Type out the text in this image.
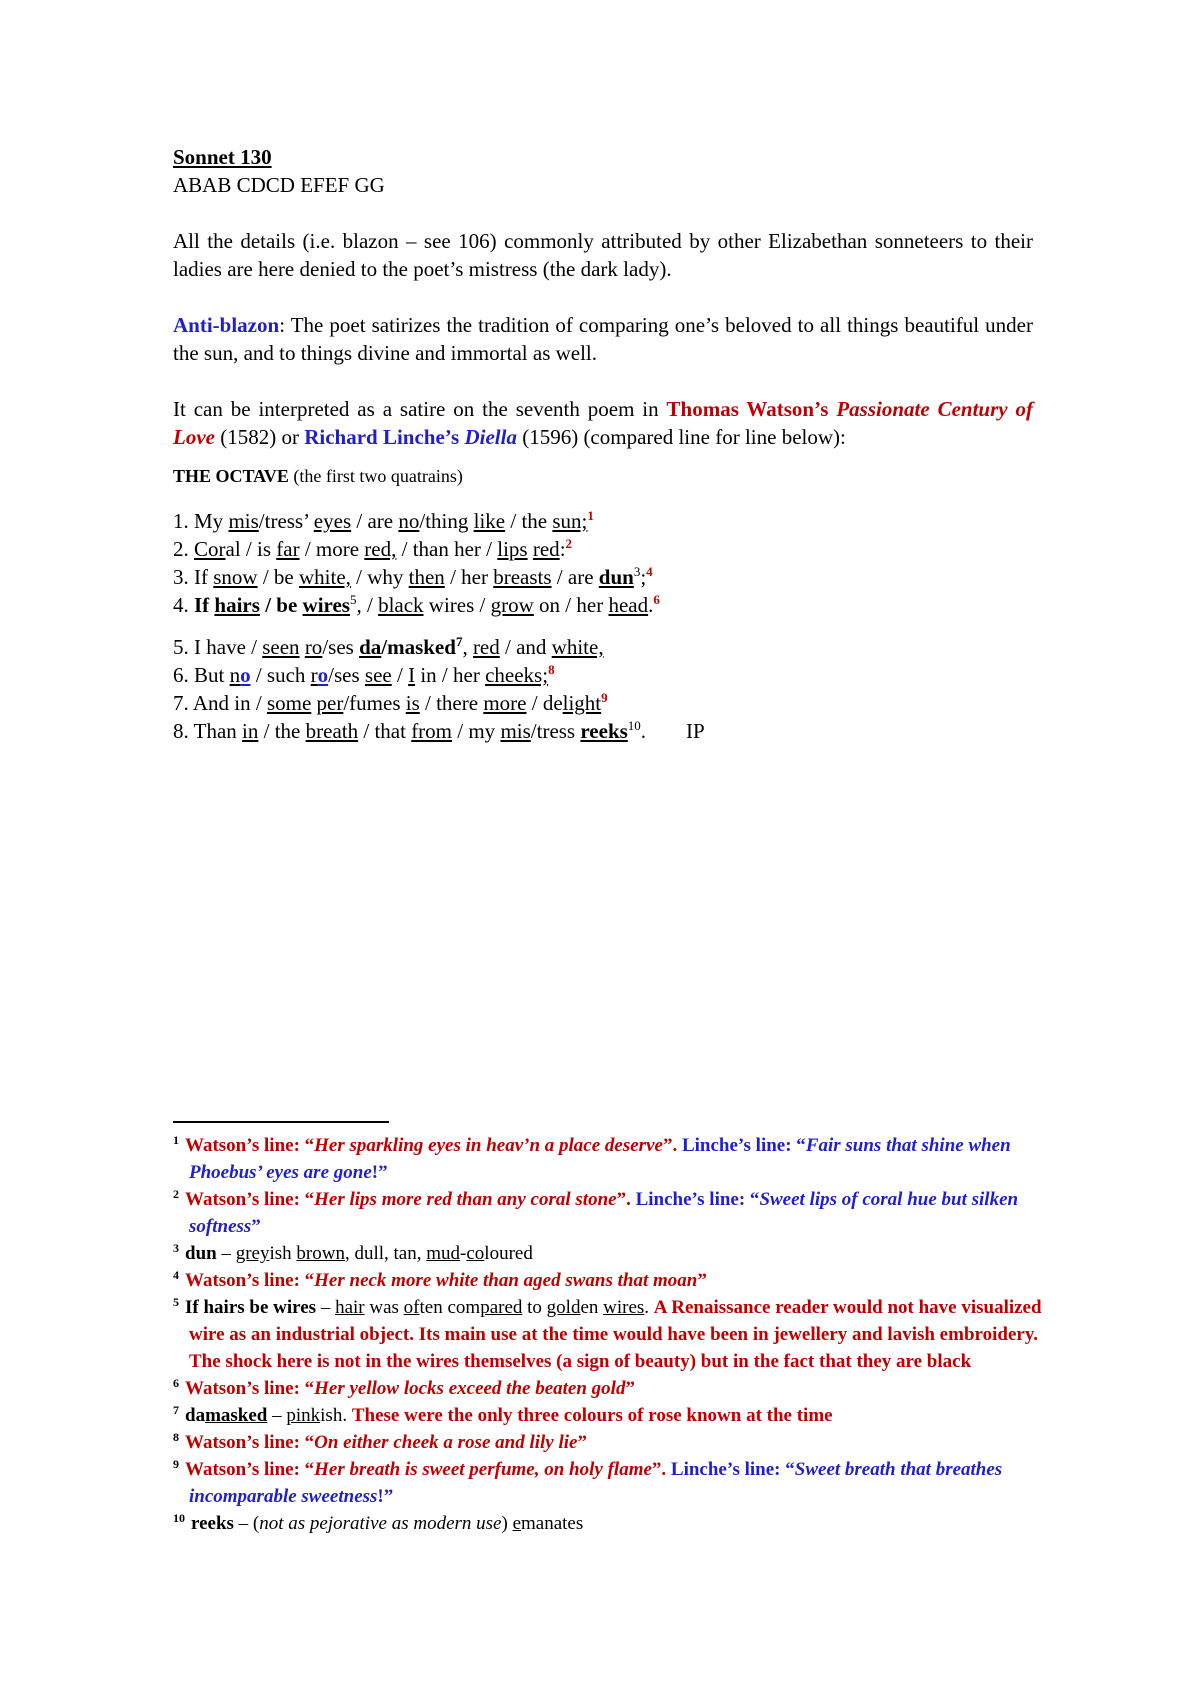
Sonnet 130

ABAB CDCD EFEF GG

All the details (i.e. blazon – see 106) commonly attributed by other Elizabethan sonneteers to their ladies are here denied to the poet’s mistress (the dark lady).

Anti-blazon: The poet satirizes the tradition of comparing one’s beloved to all things beautiful under the sun, and to things divine and immortal as well.

It can be interpreted as a satire on the seventh poem in Thomas Watson’s Passionate Century of Love (1582) or Richard Linche’s Diella (1596) (compared line for line below):

THE OCTAVE (the first two quatrains)

1. My mis/tress’ eyes / are no/thing like / the sun;$^1$

2. Coral / is far / more red, / than her / lips red:$^2$

3. If snow / be white, / why then / her breasts / are dun$^3$;$^4$

4. If hairs / be wires$^5$, / black wires / grow on / her head.$^6$

5. I have / seen ro/ses da/masked$^7$, red / and white,

6. But no / such ro/ses see / I in / her cheeks;$^8$

7. And in / some per/fumes is / there more / delight$^9$

8. Than in / the breath / that from / my mis/tress reeks$^{10}$. IP

$^1$ Watson’s line: “Her sparkling eyes in heav’n a place deserve”. Linche’s line: “Fair suns that shine when Phoebus’ eyes are gone!”

$^2$ Watson’s line: “Her lips more red than any coral stone”. Linche’s line: “Sweet lips of coral hue but silken softness”

$^3$ dun – greyish brown, dull, tan, mud-coloured

$^4$ Watson’s line: “Her neck more white than aged swans that moan”

$^5$ If hairs be wires – hair was often compared to golden wires. A Renaissance reader would not have visualized wire as an industrial object. Its main use at the time would have been in jewellery and lavish embroidery. The shock here is not in the wires themselves (a sign of beauty) but in the fact that they are black

$^6$ Watson’s line: “Her yellow locks exceed the beaten gold”

$^7$ damasked – pinkish. These were the only three colours of rose known at the time

$^8$ Watson’s line: “On either cheek a rose and lily lie”

$^9$ Watson’s line: “Her breath is sweet perfume, on holy flame”. Linche’s line: “Sweet breath that breathes incomparable sweetness!”

$^{10}$ reeks – (not as pejorative as modern use) emanates
